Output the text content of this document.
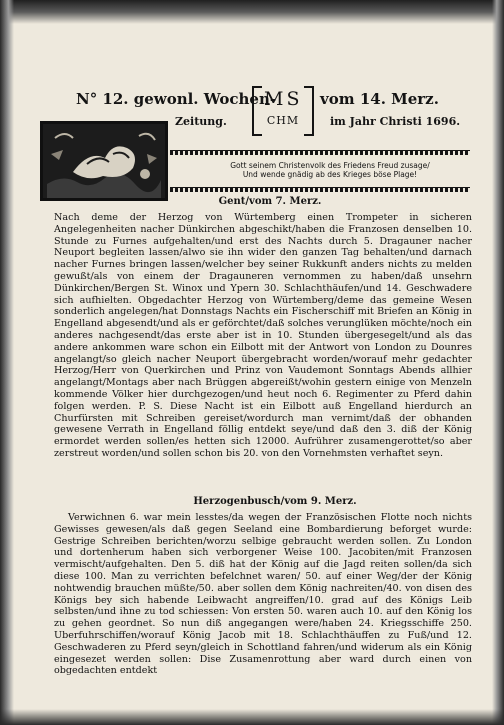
N° 12. gewonl. Wochen-
MS
CHM
vom 14. Merz.
Zeitung.	im Jahr Christi 1696.
Gott seinem Christenvolk des Friedens Freud zusage/
Und wende gnädig ab des Krieges böse Plage!
Gent/vom 7. Merz.

Nach deme der Herzog von Würtemberg einen Trompeter in sicheren Angelegenheiten nacher Dünkirchen abgeschikt/haben die Franzosen denselben 10. Stunde zu Furnes aufgehalten/und erst des Nachts durch 5. Dragauner nacher Neuport begleiten lassen/alwo sie ihn wider den ganzen Tag behalten/und darnach nacher Furnes bringen lassen/welcher bey seiner Rukkunft anders nichts zu melden gewußt/als von einem der Dragauneren vernommen zu haben/daß unsehrn Dünkirchen/Bergen St. Winox und Ypern 30. Schlachthäufen/und 14. Geschwadere sich aufhielten. Obgedachter Herzog von Würtemberg/deme das gemeine Wesen sonderlich angelegen/hat Donnstags Nachts ein Fischerschiff mit Briefen an König in Engelland abgesendt/und als er geförchtet/daß solches verunglüken möchte/noch ein anderes nachgesendt/das erste aber ist in 10. Stunden übergesegelt/und als das andere ankommen ware schon ein Eilbott mit der Antwort von London zu Dounres angelangt/so gleich nacher Neuport übergebracht worden/worauf mehr gedachter Herzog/Herr von Querkirchen und Prinz von Vaudemont Sonntags Abends allhier angelangt/Montags aber nach Brüggen abgereißt/wohin gestern einige von Menzeln kommende Völker hier durchgezogen/und heut noch 6. Regimenter zu Pferd dahin folgen werden. P. S. Diese Nacht ist ein Eilbott auß Engelland hierdurch an Churfürsten mit Schreiben gereiset/wordurch man vernimt/daß der obhanden gewesene Verrath in Engelland föllig entdekt seye/und daß den 3. diß der König ermordet werden sollen/es hetten sich 12000. Aufrührer zusamengerottet/so aber zerstreut worden/und sollen schon bis 20. von den Vornehmsten verhaftet seyn.

Herzogenbusch/vom 9. Merz.

Verwichnen 6. war mein lesstes/da wegen der Französischen Flotte noch nichts Gewisses gewesen/als daß gegen Seeland eine Bombardierung beforget wurde: Gestrige Schreiben berichten/worzu selbige gebraucht werden sollen. Zu London und dortenherum haben sich verborgener Weise 100. Jacobiten/mit Franzosen vermischt/aufgehalten. Den 5. diß hat der König auf die Jagd reiten sollen/da sich diese 100. Man zu verrichten befelchnet waren/ 50. auf einer Weg/der der König nohtwendig brauchen müßte/50. aber sollen dem König nachreiten/40. von disen des Königs bey sich habende Leibwacht angreiffen/10. grad auf des Königs Leib selbsten/und ihne zu tod schiessen: Von ersten 50. waren auch 10. auf den König los zu gehen geordnet. So nun diß angegangen were/haben 24. Kriegsschiffe 250. Uberfuhrschiffen/worauf König Jacob mit 18. Schlachthäuffen zu Fuß/und 12. Geschwaderen zu Pferd seyn/gleich in Schottland fahren/und widerum als ein König eingesezet werden sollen: Dise Zusamenrottung aber ward durch einen von obgedachten entdekt
